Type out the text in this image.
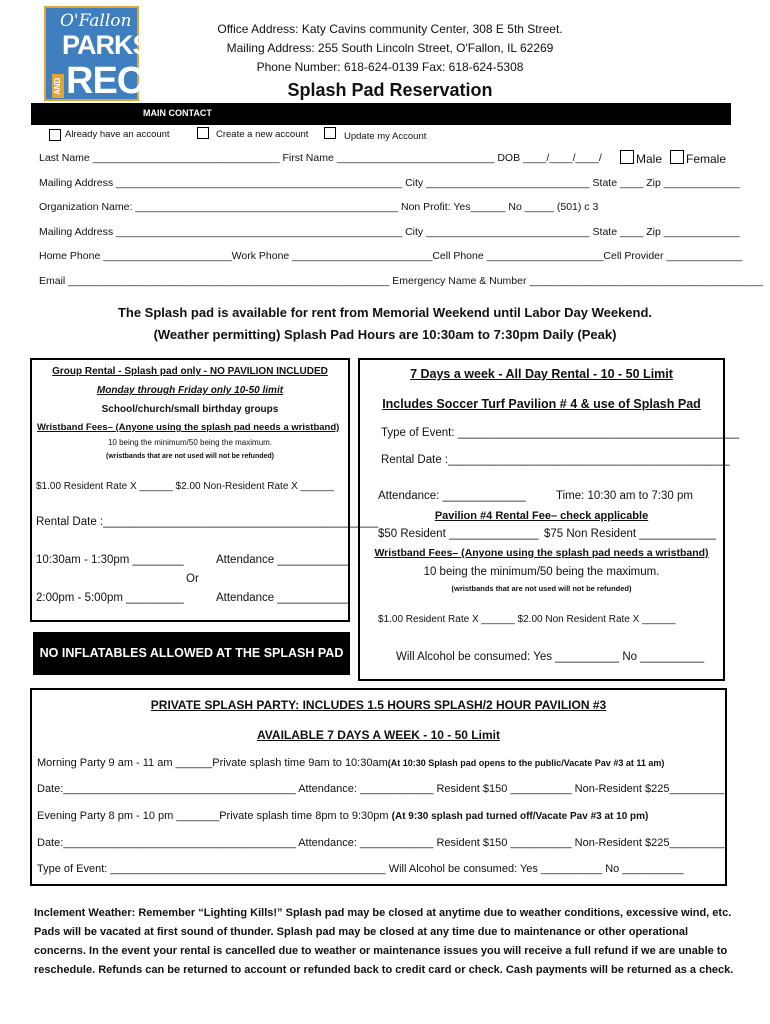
O'Fallon
PARKS
AND REC
Office Address: Katy Cavins community Center, 308 E 5th Street.
Mailing Address: 255 South Lincoln Street, O'Fallon, IL 62269
Phone Number: 618-624-0139 Fax: 618-624-5308
Splash Pad Reservation
MAIN CONTACT
Already have an account	Create a new account	Update my Account
Last Name ________________________________ First Name ___________________________ DOB ____/____/____/	Male Female
Mailing Address _________________________________________________ City ____________________________ State ____ Zip _____________
Organization Name: _____________________________________________ Non Profit: Yes______ No _____ (501) c 3
Mailing Address _________________________________________________ City ____________________________ State ____ Zip _____________
Home Phone ______________________Work Phone ________________________Cell Phone ____________________Cell Provider _____________
Email _______________________________________________________ Emergency Name & Number ________________________________________
The Splash pad is available for rent from Memorial Weekend until Labor Day Weekend.
(Weather permitting) Splash Pad Hours are 10:30am to 7:30pm Daily (Peak)
Group Rental - Splash pad only - NO PAVILION INCLUDED
Monday through Friday only 10-50 limit
School/church/small birthday groups
Wristband Fees– (Anyone using the splash pad needs a wristband)
10 being the minimum/50 being the maximum.
(wristbands that are not used will not be refunded)
$1.00 Resident Rate X ______ $2.00 Non-Resident Rate X ______
Rental Date :___________________________________________
10:30am - 1:30pm ________	Attendance ___________
Or
2:00pm - 5:00pm _________	Attendance ___________
NO INFLATABLES ALLOWED AT THE SPLASH PAD
7 Days a week - All Day Rental - 10 - 50 Limit
Includes Soccer Turf Pavilion # 4 & use of Splash Pad
Type of Event: ____________________________________________
Rental Date :____________________________________________
Attendance: _____________	Time: 10:30 am to 7:30 pm
Pavilion #4 Rental Fee– check applicable
$50 Resident ______________ $75 Non Resident ____________
Wristband Fees– (Anyone using the splash pad needs a wristband)
10 being the minimum/50 being the maximum.
(wristbands that are not used will not be refunded)
$1.00 Resident Rate X ______ $2.00 Non Resident Rate X ______
Will Alcohol be consumed: Yes __________ No __________
PRIVATE SPLASH PARTY: INCLUDES 1.5 HOURS SPLASH/2 HOUR PAVILION #3
AVAILABLE 7 DAYS A WEEK - 10 - 50 Limit
Morning Party 9 am - 11 am ______Private splash time 9am to 10:30am(At 10:30 Splash pad opens to the public/Vacate Pav #3 at 11 am)
Date:______________________________________ Attendance: ____________ Resident $150 __________ Non-Resident $225_________
Evening Party 8 pm - 10 pm _______Private splash time 8pm to 9:30pm (At 9:30 splash pad turned off/Vacate Pav #3 at 10 pm)
Date:______________________________________ Attendance: ____________ Resident $150 __________ Non-Resident $225_________
Type of Event: _____________________________________________ Will Alcohol be consumed: Yes __________ No __________
Inclement Weather: Remember “Lighting Kills!” Splash pad may be closed at anytime due to weather conditions, excessive wind, etc. Pads will be vacated at first sound of thunder. Splash pad may be closed at any time due to maintenance or other operational concerns. In the event your rental is cancelled due to weather or maintenance issues you will receive a full refund if we are unable to reschedule. Refunds can be returned to account or refunded back to credit card or check. Cash payments will be returned as a check.
